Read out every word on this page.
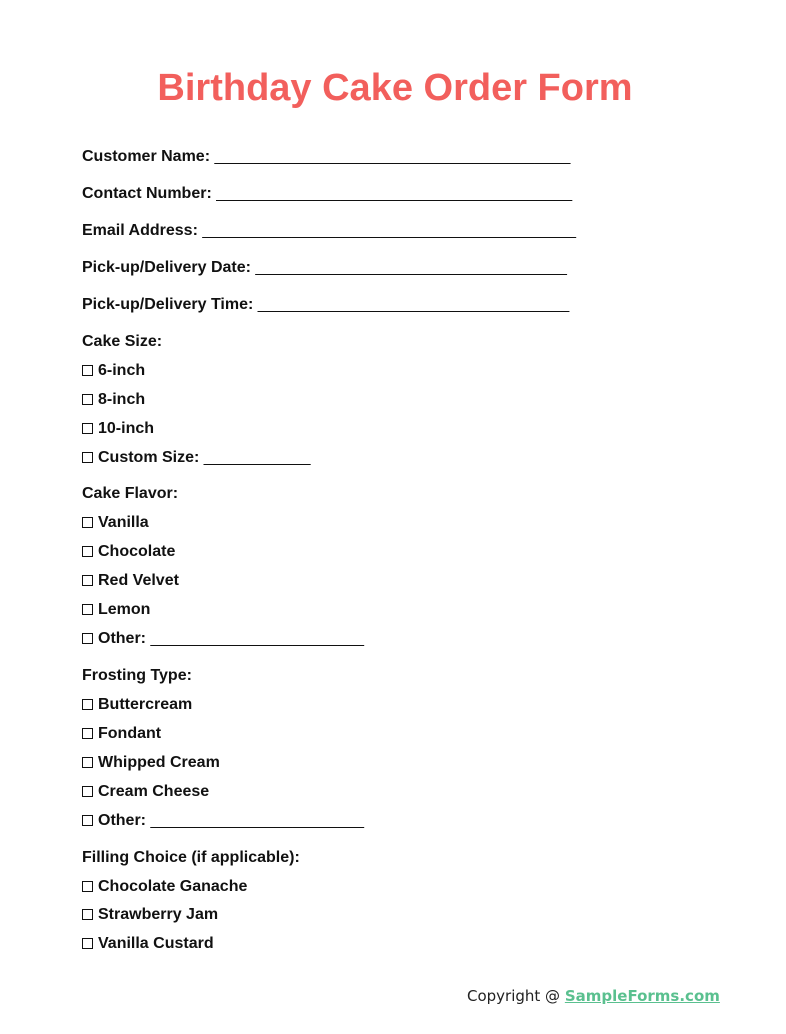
Birthday Cake Order Form
Customer Name: ________________________________________
Contact Number: ________________________________________
Email Address: __________________________________________
Pick-up/Delivery Date: ___________________________________
Pick-up/Delivery Time: ___________________________________
Cake Size:
6-inch
8-inch
10-inch
Custom Size: ____________
Cake Flavor:
Vanilla
Chocolate
Red Velvet
Lemon
Other: ________________________
Frosting Type:
Buttercream
Fondant
Whipped Cream
Cream Cheese
Other: ________________________
Filling Choice (if applicable):
Chocolate Ganache
Strawberry Jam
Vanilla Custard
Copyright @ SampleForms.com
